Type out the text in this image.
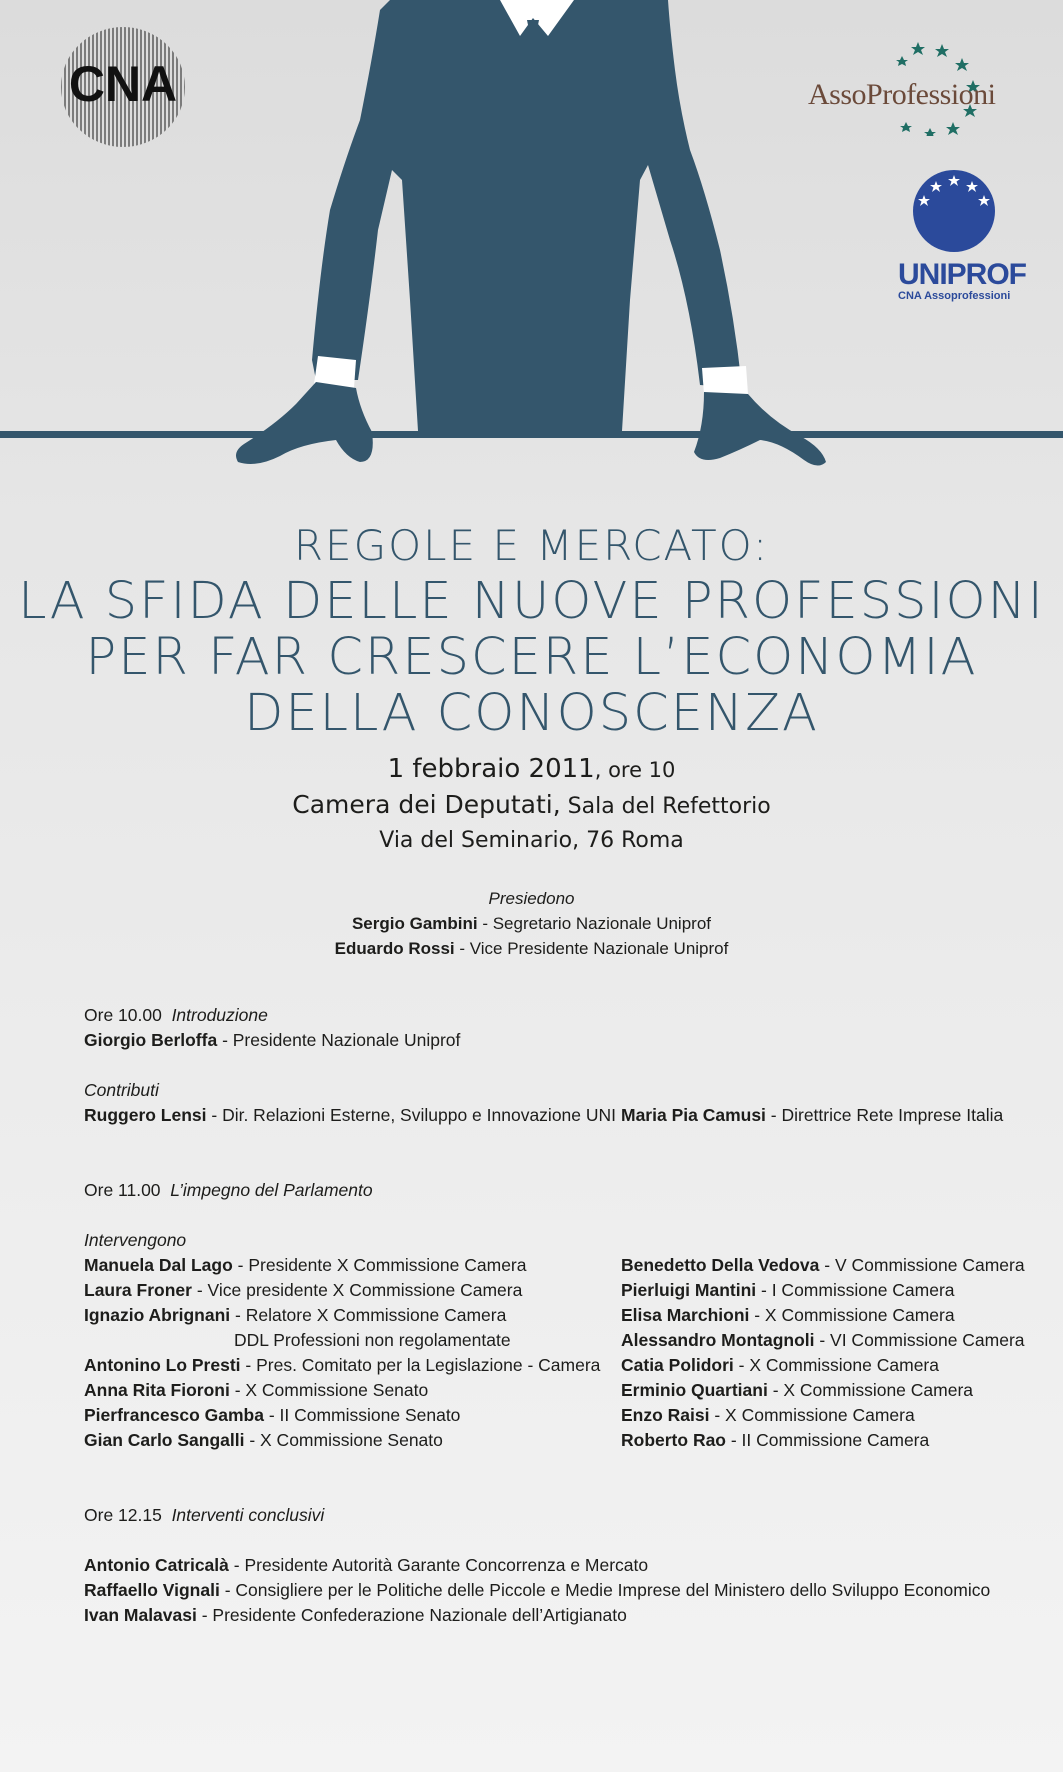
CNA	AssoProfessioni
UNIPROF
CNA Assoprofessioni
REGOLE E MERCATO:
LA SFIDA DELLE NUOVE PROFESSIONI
PER FAR CRESCERE L’ECONOMIA
DELLA CONOSCENZA
1 febbraio 2011, ore 10
Camera dei Deputati, Sala del Refettorio
Via del Seminario, 76 Roma
Presiedono
Sergio Gambini - Segretario Nazionale Uniprof
Eduardo Rossi - Vice Presidente Nazionale Uniprof
Ore 10.00 Introduzione
Giorgio Berloffa - Presidente Nazionale Uniprof
Contributi
Ruggero Lensi - Dir. Relazioni Esterne, Sviluppo e Innovazione UNI Maria Pia Camusi - Direttrice Rete Imprese Italia
Ore 11.00 L’impegno del Parlamento
Intervengono
Manuela Dal Lago - Presidente X Commissione Camera
Laura Froner - Vice presidente X Commissione Camera
Ignazio Abrignani - Relatore X Commissione Camera
DDL Professioni non regolamentate
Antonino Lo Presti - Pres. Comitato per la Legislazione - Camera
Anna Rita Fioroni - X Commissione Senato
Pierfrancesco Gamba - II Commissione Senato
Gian Carlo Sangalli - X Commissione Senato
Benedetto Della Vedova - V Commissione Camera
Pierluigi Mantini - I Commissione Camera
Elisa Marchioni - X Commissione Camera
Alessandro Montagnoli - VI Commissione Camera
Catia Polidori - X Commissione Camera
Erminio Quartiani - X Commissione Camera
Enzo Raisi - X Commissione Camera
Roberto Rao - II Commissione Camera
Ore 12.15 Interventi conclusivi
Antonio Catricalà - Presidente Autorità Garante Concorrenza e Mercato
Raffaello Vignali - Consigliere per le Politiche delle Piccole e Medie Imprese del Ministero dello Sviluppo Economico
Ivan Malavasi - Presidente Confederazione Nazionale dell’Artigianato
